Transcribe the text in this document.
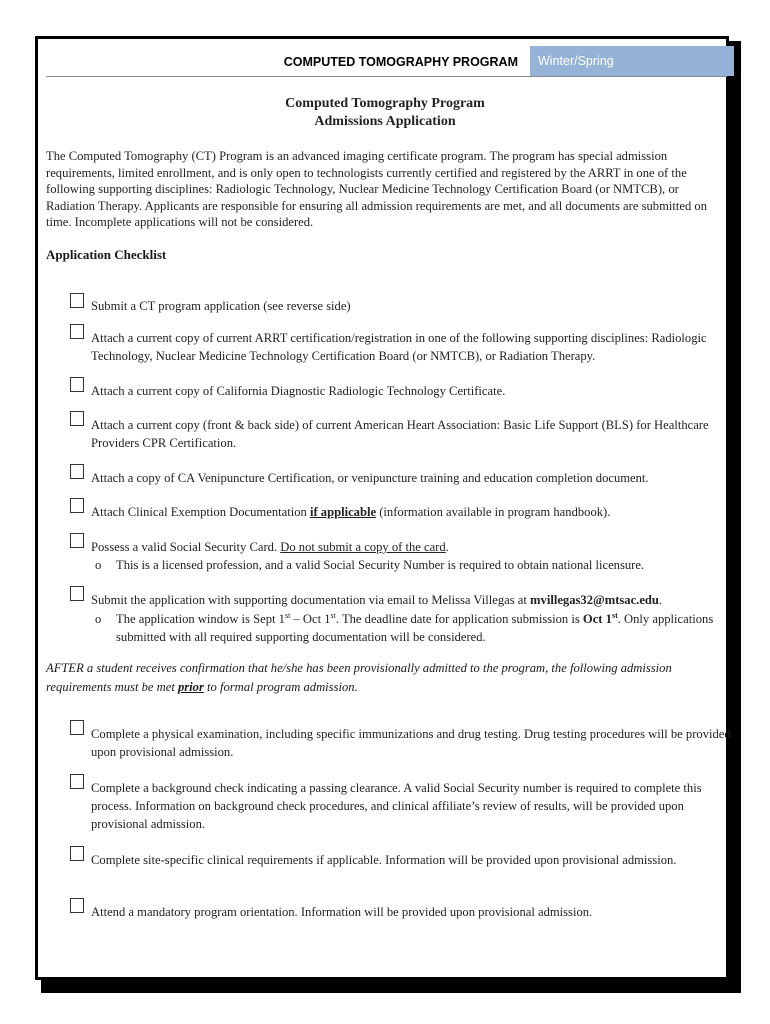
COMPUTED TOMOGRAPHY PROGRAM	Winter/Spring
Computed Tomography Program
Admissions Application
The Computed Tomography (CT) Program is an advanced imaging certificate program. The program has special admission requirements, limited enrollment, and is only open to technologists currently certified and registered by the ARRT in one of the following supporting disciplines: Radiologic Technology, Nuclear Medicine Technology Certification Board (or NMTCB), or Radiation Therapy. Applicants are responsible for ensuring all admission requirements are met, and all documents are submitted on time. Incomplete applications will not be considered.
Application Checklist
Submit a CT program application (see reverse side)
Attach a current copy of current ARRT certification/registration in one of the following supporting disciplines: Radiologic Technology, Nuclear Medicine Technology Certification Board (or NMTCB), or Radiation Therapy.
Attach a current copy of California Diagnostic Radiologic Technology Certificate.
Attach a current copy (front & back side) of current American Heart Association: Basic Life Support (BLS) for Healthcare Providers CPR Certification.
Attach a copy of CA Venipuncture Certification, or venipuncture training and education completion document.
Attach Clinical Exemption Documentation if applicable (information available in program handbook).
Possess a valid Social Security Card. Do not submit a copy of the card.
o This is a licensed profession, and a valid Social Security Number is required to obtain national licensure.
Submit the application with supporting documentation via email to Melissa Villegas at mvillegas32@mtsac.edu.
o The application window is Sept 1st – Oct 1st. The deadline date for application submission is Oct 1st. Only applications submitted with all required supporting documentation will be considered.
AFTER a student receives confirmation that he/she has been provisionally admitted to the program, the following admission requirements must be met prior to formal program admission.
Complete a physical examination, including specific immunizations and drug testing. Drug testing procedures will be provided upon provisional admission.
Complete a background check indicating a passing clearance. A valid Social Security number is required to complete this process. Information on background check procedures, and clinical affiliate’s review of results, will be provided upon provisional admission.
Complete site-specific clinical requirements if applicable. Information will be provided upon provisional admission.
Attend a mandatory program orientation. Information will be provided upon provisional admission.
